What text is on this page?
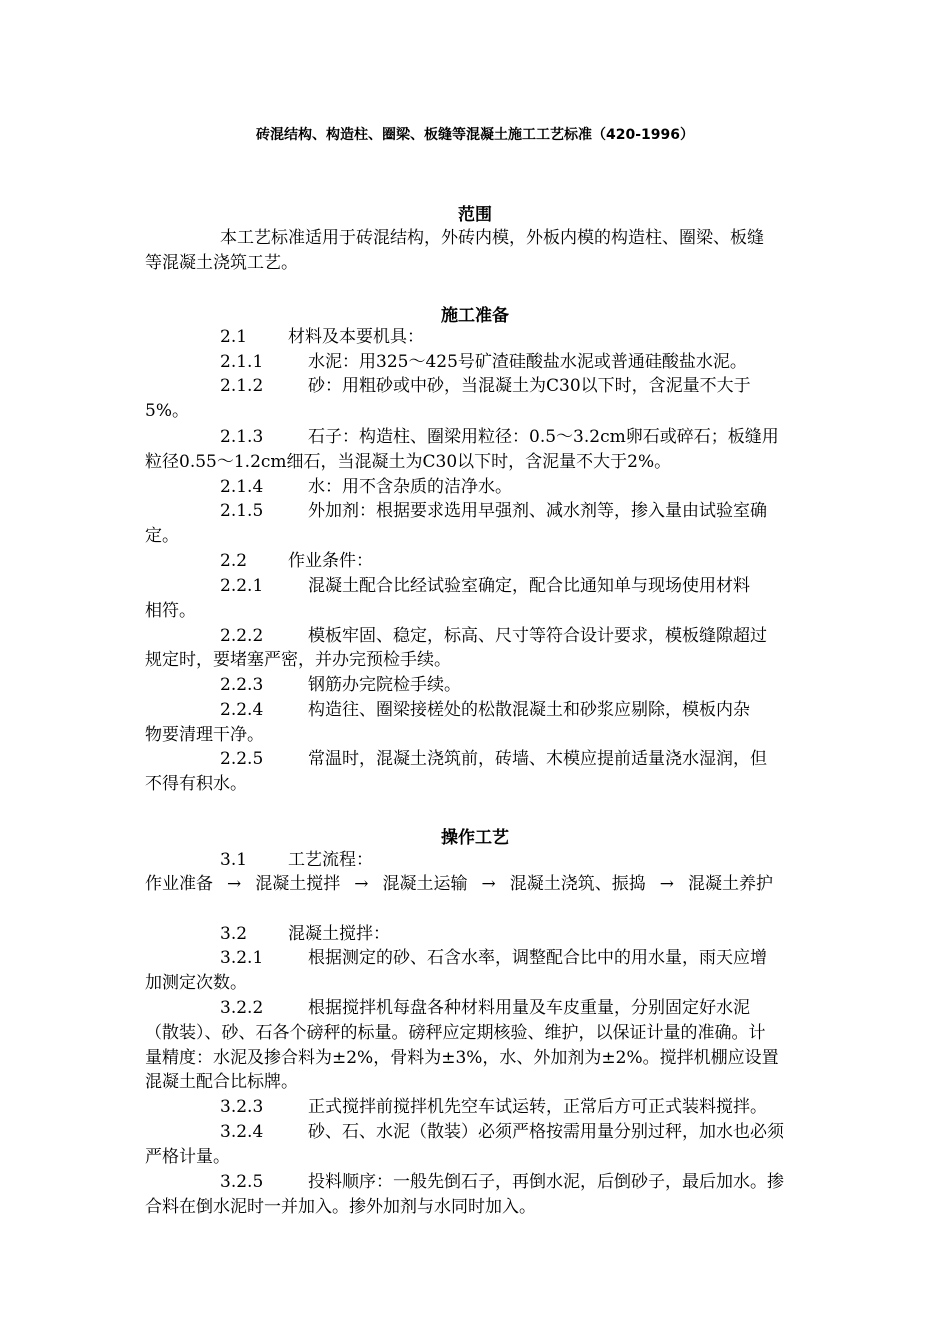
砖混结构、构造柱、圈梁、板缝等混凝土施工工艺标准（420-1996）
范围
本工艺标准适用于砖混结构，外砖内模，外板内模的构造柱、圈梁、板缝
等混凝土浇筑工艺。
施工准备
2.1 材料及本要机具：
2.1.1	水泥：用325～425号矿渣硅酸盐水泥或普通硅酸盐水泥。
2.1.2	砂：用粗砂或中砂，当混凝土为C30以下时，含泥量不大于
5%。
2.1.3	石子：构造柱、圈梁用粒径：0.5～3.2cm卵石或碎石；板缝用
粒径0.55～1.2cm细石，当混凝土为C30以下时，含泥量不大于2%。
2.1.4	水：用不含杂质的洁净水。
2.1.5	外加剂：根据要求选用早强剂、减水剂等，掺入量由试验室确
定。
2.2 作业条件：
2.2.1	混凝土配合比经试验室确定，配合比通知单与现场使用材料
相符。
2.2.2	模板牢固、稳定，标高、尺寸等符合设计要求，模板缝隙超过
规定时，要堵塞严密，并办完预检手续。
2.2.3	钢筋办完院检手续。
2.2.4	构造往、圈梁接槎处的松散混凝土和砂浆应剔除，模板内杂
物要清理干净。
2.2.5	常温时，混凝土浇筑前，砖墙、木模应提前适量浇水湿润，但
不得有积水。
操作工艺
3.1 工艺流程：
作业准备 → 混凝土搅拌 → 混凝土运输 → 混凝土浇筑、振捣 → 混凝土养护
3.2 混凝土搅拌：
3.2.1	根据测定的砂、石含水率，调整配合比中的用水量，雨天应增
加测定次数。
3.2.2	根据搅拌机每盘各种材料用量及车皮重量，分别固定好水泥
（散装）、砂、石各个磅秤的标量。磅秤应定期核验、维护，以保证计量的准确。计
量精度：水泥及掺合料为±2%，骨料为±3%，水、外加剂为±2%。搅拌机棚应设置
混凝土配合比标牌。
3.2.3	正式搅拌前搅拌机先空车试运转，正常后方可正式装料搅拌。
3.2.4	砂、石、水泥（散装）必须严格按需用量分别过秤，加水也必须
严格计量。
3.2.5	投料顺序：一般先倒石子，再倒水泥，后倒砂子，最后加水。掺
合料在倒水泥时一并加入。掺外加剂与水同时加入。
